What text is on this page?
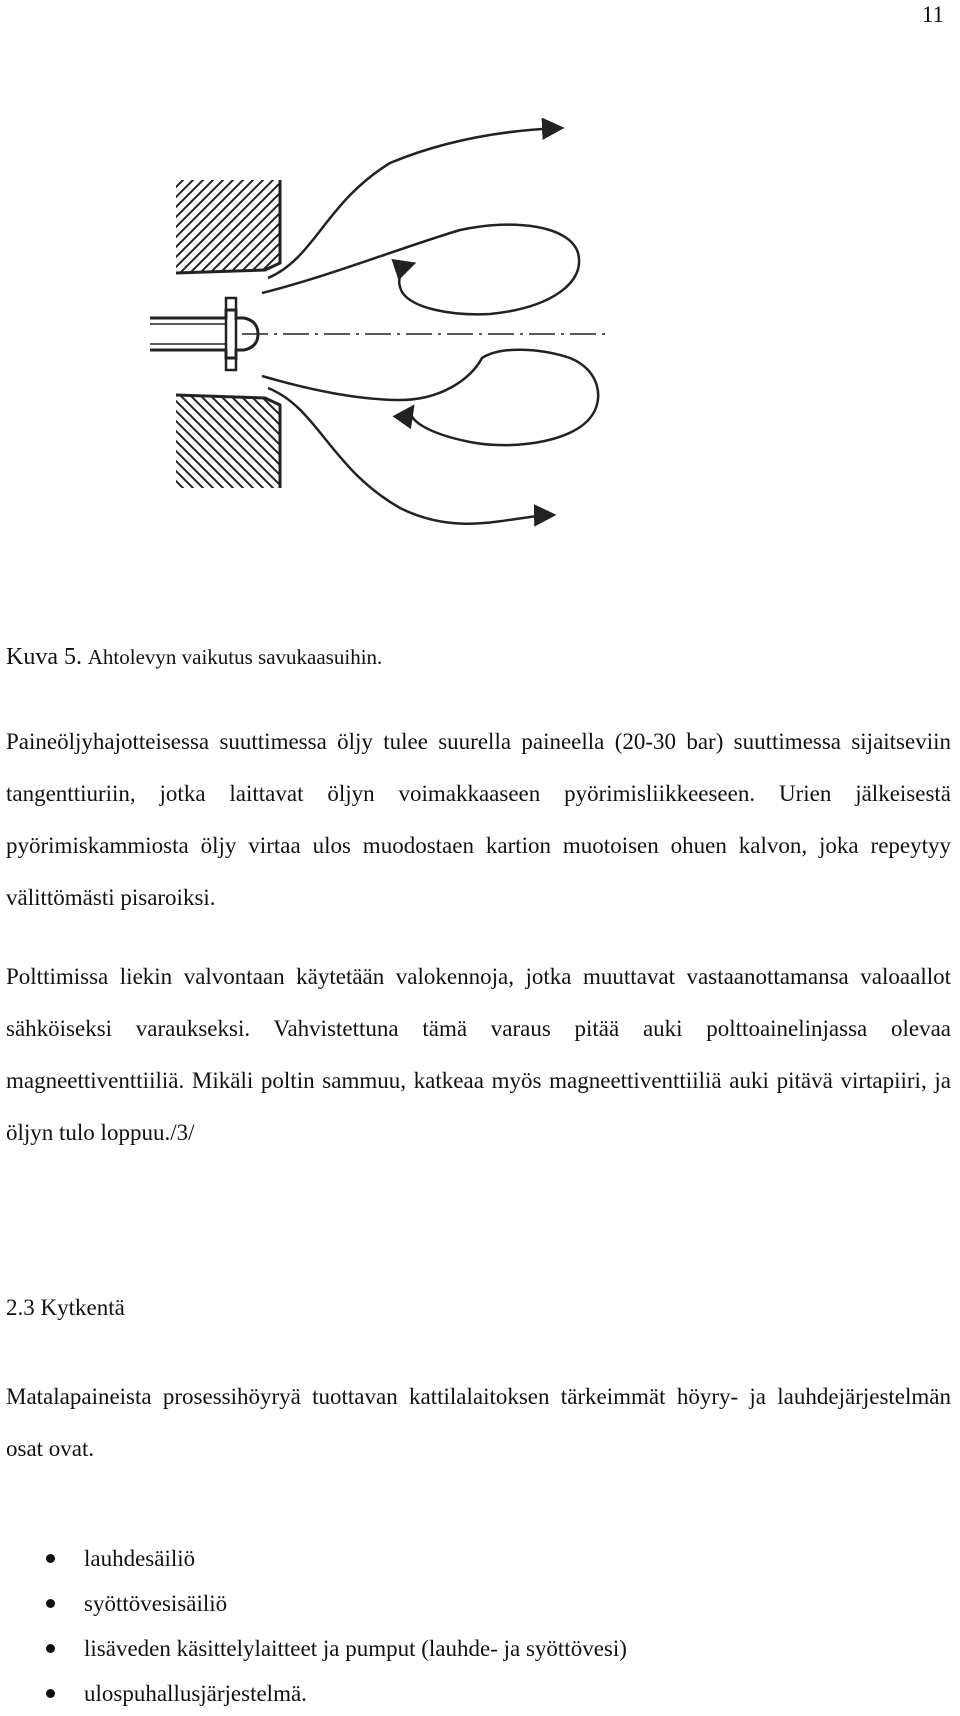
11
Kuva 5. Ahtolevyn vaikutus savukaasuihin.

Paineöljyhajotteisessa suuttimessa öljy tulee suurella paineella (20-30 bar) suuttimessa sijaitseviin tangenttiuriin, jotka laittavat öljyn voimakkaaseen pyörimisliikkeeseen. Urien jälkeisestä pyörimiskammiosta öljy virtaa ulos muodostaen kartion muotoisen ohuen kalvon, joka repeytyy välittömästi pisaroiksi.

Polttimissa liekin valvontaan käytetään valokennoja, jotka muuttavat vastaanottamansa valoaallot sähköiseksi varaukseksi. Vahvistettuna tämä varaus pitää auki polttoainelinjassa olevaa magneettiventtiiliä. Mikäli poltin sammuu, katkeaa myös magneettiventtiiliä auki pitävä virtapiiri, ja öljyn tulo loppuu./3/

2.3 Kytkentä

Matalapaineista prosessihöyryä tuottavan kattilalaitoksen tärkeimmät höyry- ja lauhdejärjestelmän osat ovat.

lauhdesäiliö
syöttövesisäiliö
lisäveden käsittelylaitteet ja pumput (lauhde- ja syöttövesi)
ulospuhallusjärjestelmä.
